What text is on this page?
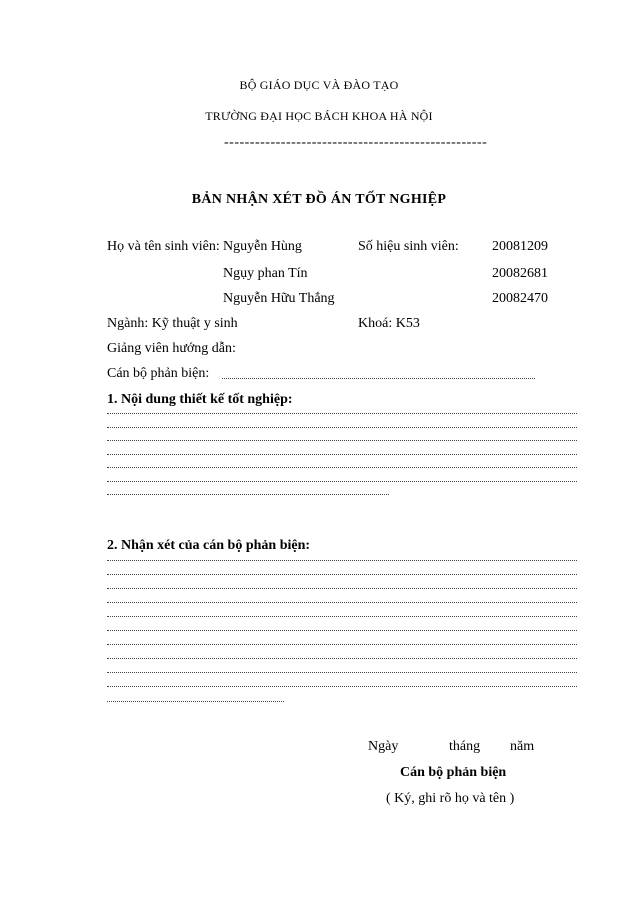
BỘ GIÁO DỤC VÀ ĐÀO TẠO
TRƯỜNG ĐẠI HỌC BÁCH KHOA HÀ NỘI
---------------------------------------------------
BẢN NHẬN XÉT ĐỒ ÁN TỐT NGHIỆP
Họ và tên sinh viên: Nguyễn Hùng	Số hiệu sinh viên: 20081209
Ngụy phan Tín	20082681
Nguyễn Hữu Thắng	20082470
Ngành: Kỹ thuật y sinh	Khoá: K53
Giảng viên hướng dẫn:
Cán bộ phản biện:
1. Nội dung thiết kế tốt nghiệp:
2. Nhận xét của cán bộ phản biện:
Ngày	tháng năm
Cán bộ phản biện
( Ký, ghi rõ họ và tên )
